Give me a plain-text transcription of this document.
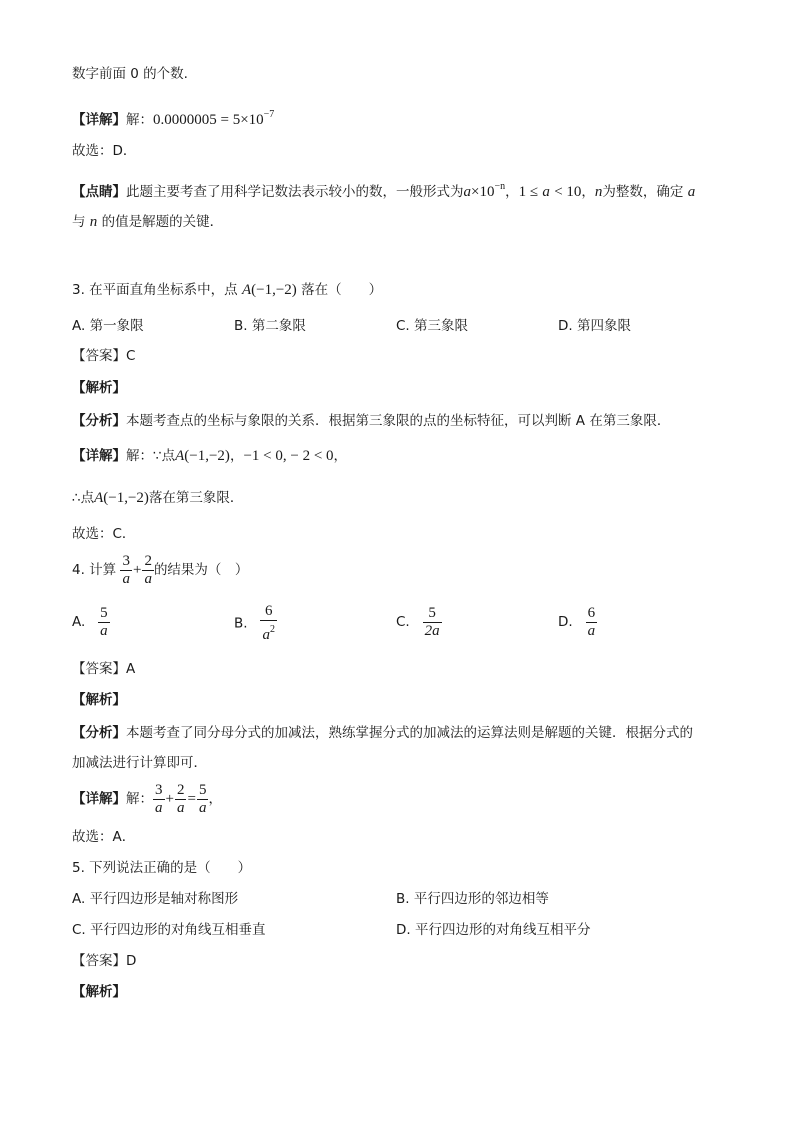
数字前面 0 的个数.
【详解】解：$0.0000005 = 5\times 10^{-7}$
故选：D．
【点睛】此题主要考查了用科学记数法表示较小的数，一般形式为$a\times 10^{-n}$，1 ≤ a < 10，n为整数，确定 a
与 n 的值是解题的关键．
3. 在平面直角坐标系中，点 A(−1,−2) 落在（　　）
A. 第一象限	B. 第二象限	C. 第三象限	D. 第四象限
【答案】C
【解析】
【分析】本题考查点的坐标与象限的关系．根据第三象限的点的坐标特征，可以判断 A 在第三象限．
【详解】解：∵点A(−1,−2)，−1 < 0, − 2 < 0，
∴点A(−1,−2)落在第三象限．
故选：C．
4. 计算 $\frac{3}{a} + \frac{2}{a}$ 的结果为（　）
A. $\frac{5}{a}$	B. $\frac{6}{a^2}$	C. $\frac{5}{2a}$	D. $\frac{6}{a}$
【答案】A
【解析】
【分析】本题考查了同分母分式的加减法，熟练掌握分式的加减法的运算法则是解题的关键．根据分式的
加减法进行计算即可．
【详解】解： $\frac{3}{a} + \frac{2}{a} = \frac{5}{a}$ ，
故选：A．
5. 下列说法正确的是（　　）
A. 平行四边形是轴对称图形	B. 平行四边形的邻边相等
C. 平行四边形的对角线互相垂直	D. 平行四边形的对角线互相平分
【答案】D
【解析】
